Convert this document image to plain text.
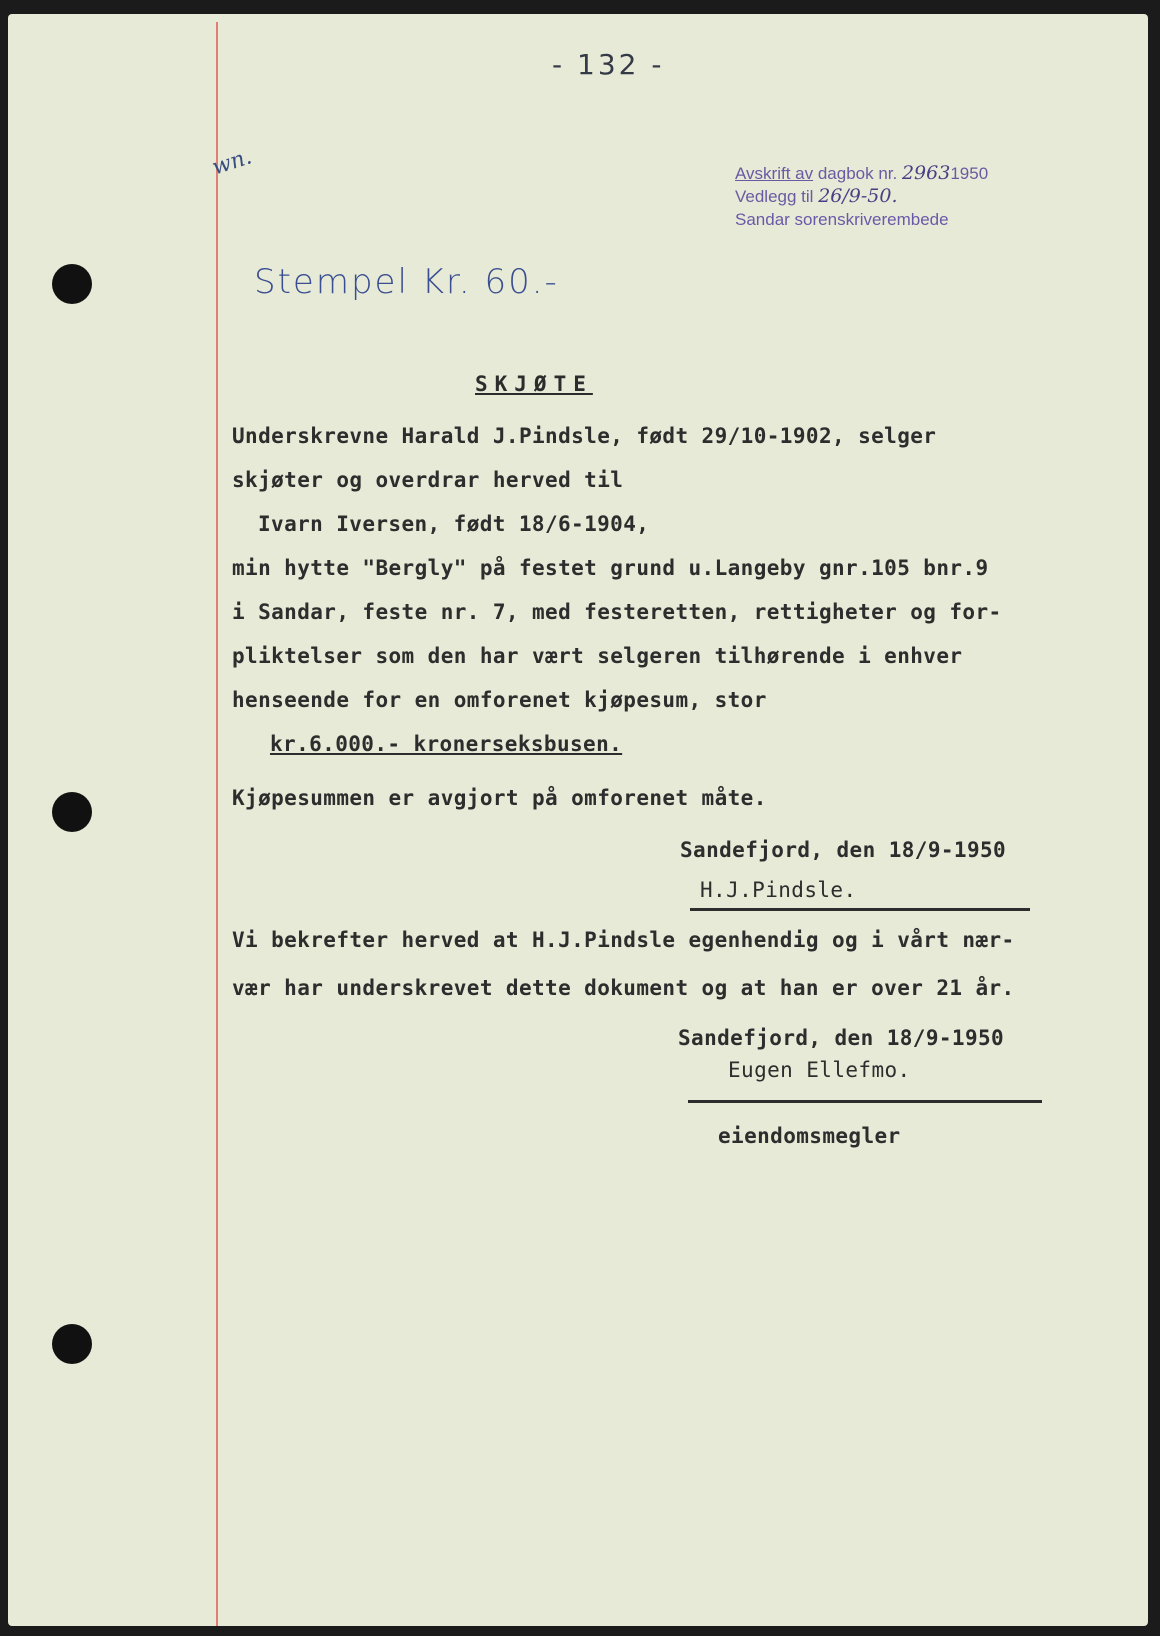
- 132 -
wn.	Avskrift av dagbok nr. 29631950
Vedlegg til 26/9-50.
Sandar sorenskriverembede
Stempel Kr. 60.-
SKJØTE
Underskrevne Harald J.Pindsle, født 29/10-1902, selger
skjøter og overdrar herved til
Ivarn Iversen, født 18/6-1904,
min hytte "Bergly" på festet grund u.Langeby gnr.105 bnr.9
i Sandar, feste nr. 7, med festeretten, rettigheter og for-
pliktelser som den har vært selgeren tilhørende i enhver
henseende for en omforenet kjøpesum, stor
kr.6.000.- kronerseksbusen.
Kjøpesummen er avgjort på omforenet måte.
Sandefjord, den 18/9-1950
H.J.Pindsle.
Vi bekrefter herved at H.J.Pindsle egenhendig og i vårt nær-
vær har underskrevet dette dokument og at han er over 21 år.
Sandefjord, den 18/9-1950
Eugen Ellefmo.
eiendomsmegler
